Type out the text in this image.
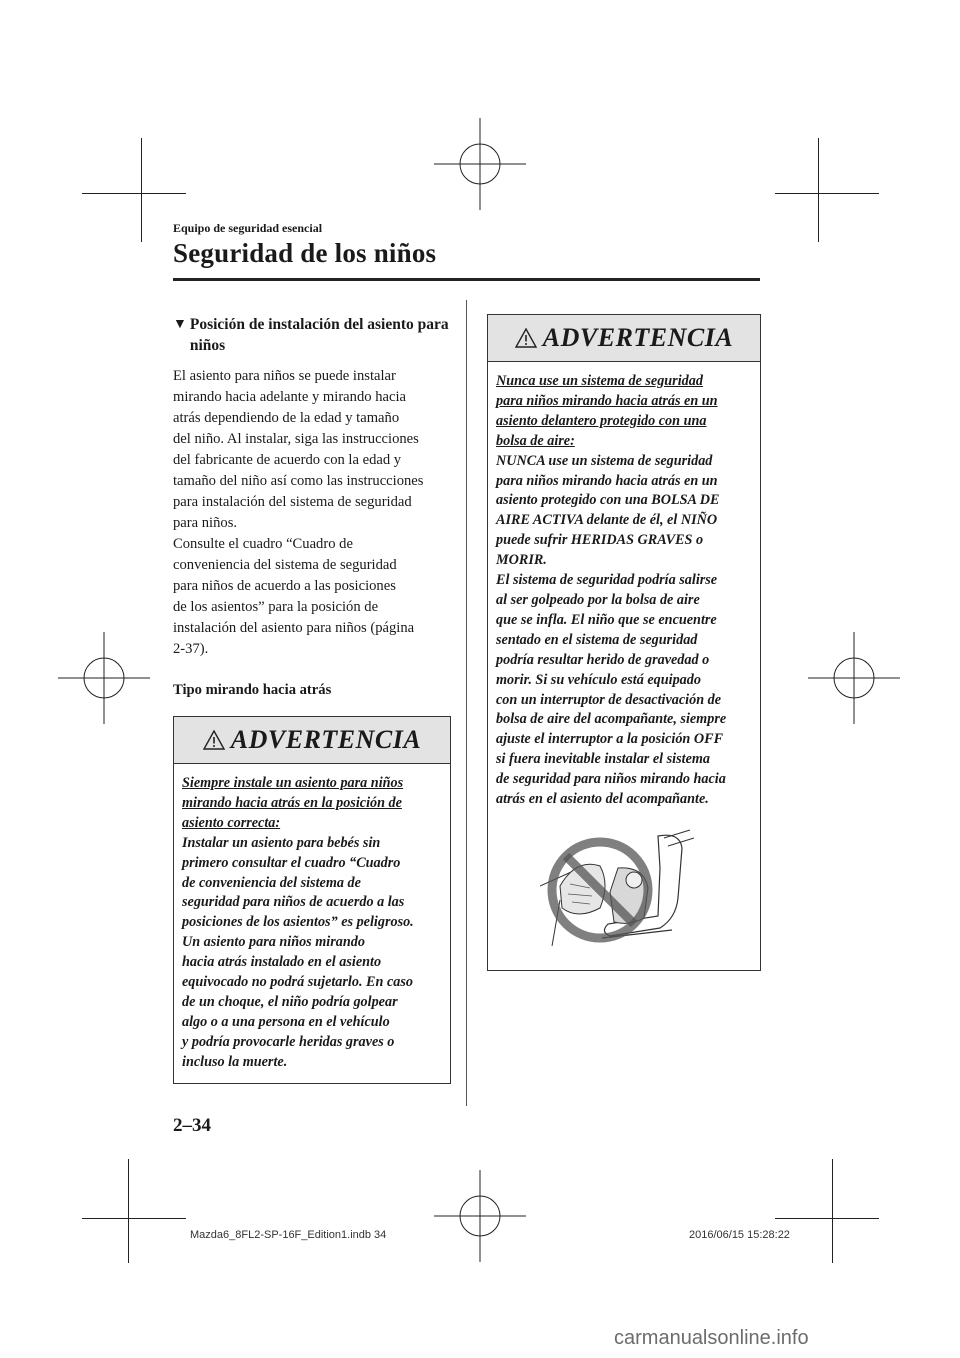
Equipo de seguridad esencial
Seguridad de los niños
▼ Posición de instalación del asiento para niños

El asiento para niños se puede instalar
mirando hacia adelante y mirando hacia
atrás dependiendo de la edad y tamaño
del niño. Al instalar, siga las instrucciones
del fabricante de acuerdo con la edad y
tamaño del niño así como las instrucciones
para instalación del sistema de seguridad
para niños.
Consulte el cuadro “Cuadro de
conveniencia del sistema de seguridad
para niños de acuerdo a las posiciones
de los asientos” para la posición de
instalación del asiento para niños (página
2-37).

Tipo mirando hacia atrás
ADVERTENCIA
Siempre instale un asiento para niños
mirando hacia atrás en la posición de
asiento correcta:
Instalar un asiento para bebés sin
primero consultar el cuadro “Cuadro
de conveniencia del sistema de
seguridad para niños de acuerdo a las
posiciones de los asientos” es peligroso.
Un asiento para niños mirando
hacia atrás instalado en el asiento
equivocado no podrá sujetarlo. En caso
de un choque, el niño podría golpear
algo o a una persona en el vehículo
y podría provocarle heridas graves o
incluso la muerte.
ADVERTENCIA
Nunca use un sistema de seguridad
para niños mirando hacia atrás en un
asiento delantero protegido con una
bolsa de aire:
NUNCA use un sistema de seguridad
para niños mirando hacia atrás en un
asiento protegido con una BOLSA DE
AIRE ACTIVA delante de él, el NIÑO
puede sufrir HERIDAS GRAVES o
MORIR.
El sistema de seguridad podría salirse
al ser golpeado por la bolsa de aire
que se infla. El niño que se encuentre
sentado en el sistema de seguridad
podría resultar herido de gravedad o
morir. Si su vehículo está equipado
con un interruptor de desactivación de
bolsa de aire del acompañante, siempre
ajuste el interruptor a la posición OFF
si fuera inevitable instalar el sistema
de seguridad para niños mirando hacia
atrás en el asiento del acompañante.
2–34
Mazda6_8FL2-SP-16F_Edition1.indb 34	2016/06/15 15:28:22
carmanualsonline.info
